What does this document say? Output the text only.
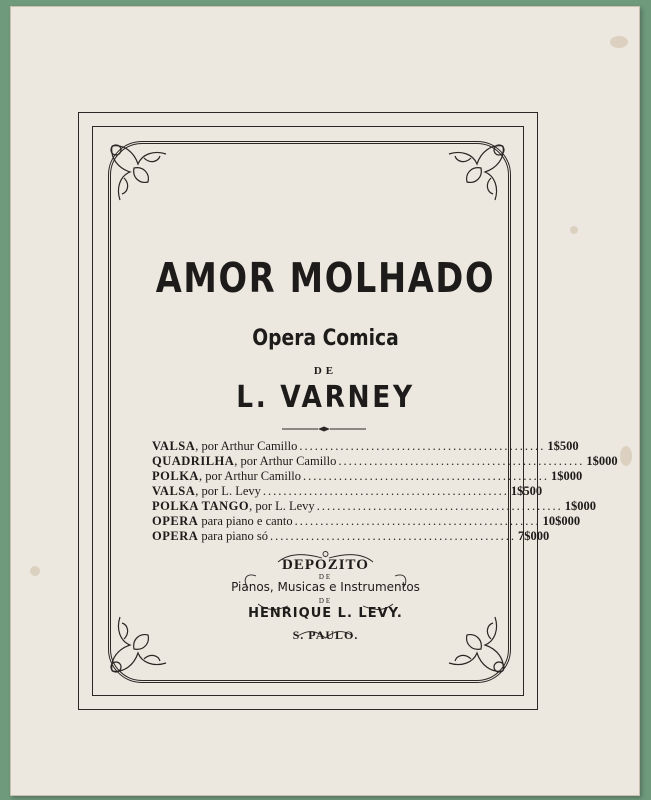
AMOR MOLHADO
Opera Comica
DE
L. VARNEY
VALSA, por Arthur Camillo ................................................ 1$500
QUADRILHA, por Arthur Camillo ................................................ 1$000
POLKA, por Arthur Camillo ................................................ 1$000
VALSA, por L. Levy ................................................ 1$500
POLKA TANGO, por L. Levy ................................................ 1$000
OPERA para piano e canto ................................................ 10$000
OPERA para piano só ................................................ 7$000
DEPOZITO
DE
Pianos, Musicas e Instrumentos
DE
HENRIQUE L. LEVY.
S. PAULO.
